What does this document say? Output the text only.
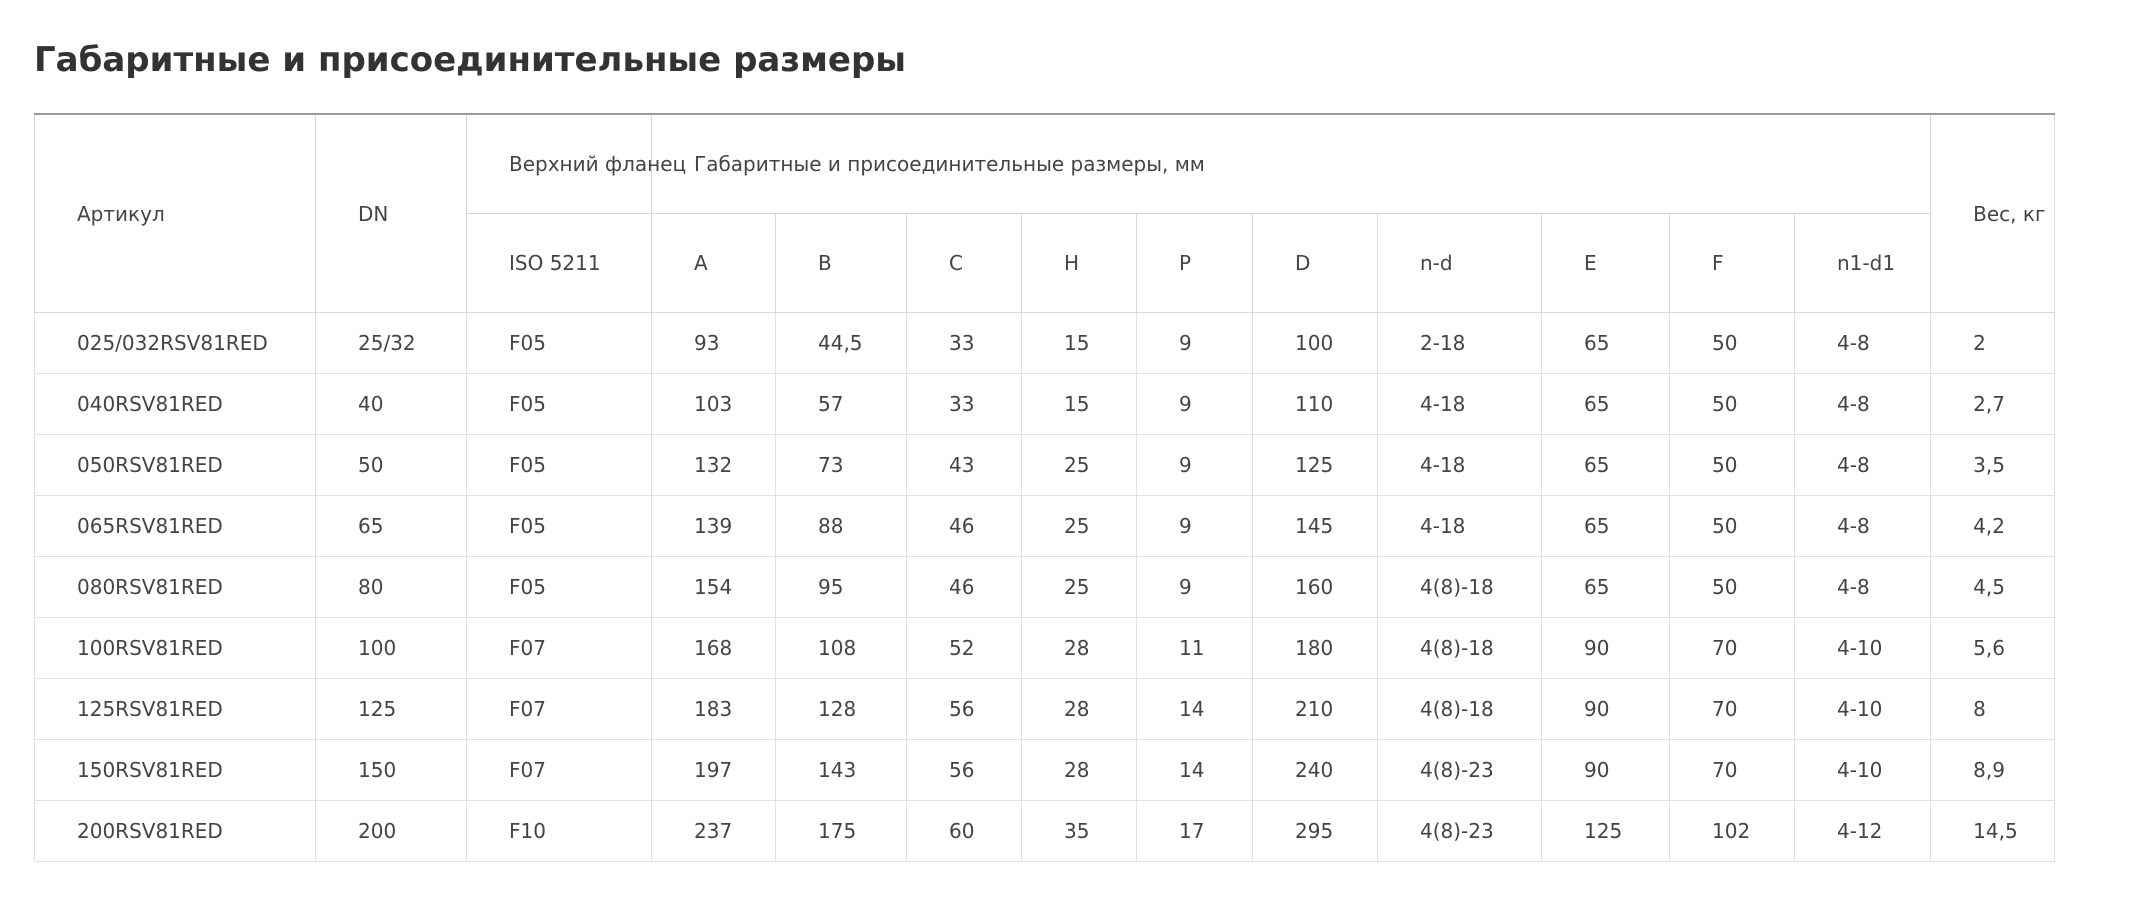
Габаритные и присоединительные размеры
Артикул	DN	Верхний фланец	Габаритные и присоединительные размеры, мм										Вес, кг
		ISO 5211	A	B	C	H	P	D	n-d	E	F	n1-d1	
025/032RSV81RED	25/32	F05	93	44,5	33	15	9	100	2-18	65	50	4-8	2
040RSV81RED	40	F05	103	57	33	15	9	110	4-18	65	50	4-8	2,7
050RSV81RED	50	F05	132	73	43	25	9	125	4-18	65	50	4-8	3,5
065RSV81RED	65	F05	139	88	46	25	9	145	4-18	65	50	4-8	4,2
080RSV81RED	80	F05	154	95	46	25	9	160	4(8)-18	65	50	4-8	4,5
100RSV81RED	100	F07	168	108	52	28	11	180	4(8)-18	90	70	4-10	5,6
125RSV81RED	125	F07	183	128	56	28	14	210	4(8)-18	90	70	4-10	8
150RSV81RED	150	F07	197	143	56	28	14	240	4(8)-23	90	70	4-10	8,9
200RSV81RED	200	F10	237	175	60	35	17	295	4(8)-23	125	102	4-12	14,5
